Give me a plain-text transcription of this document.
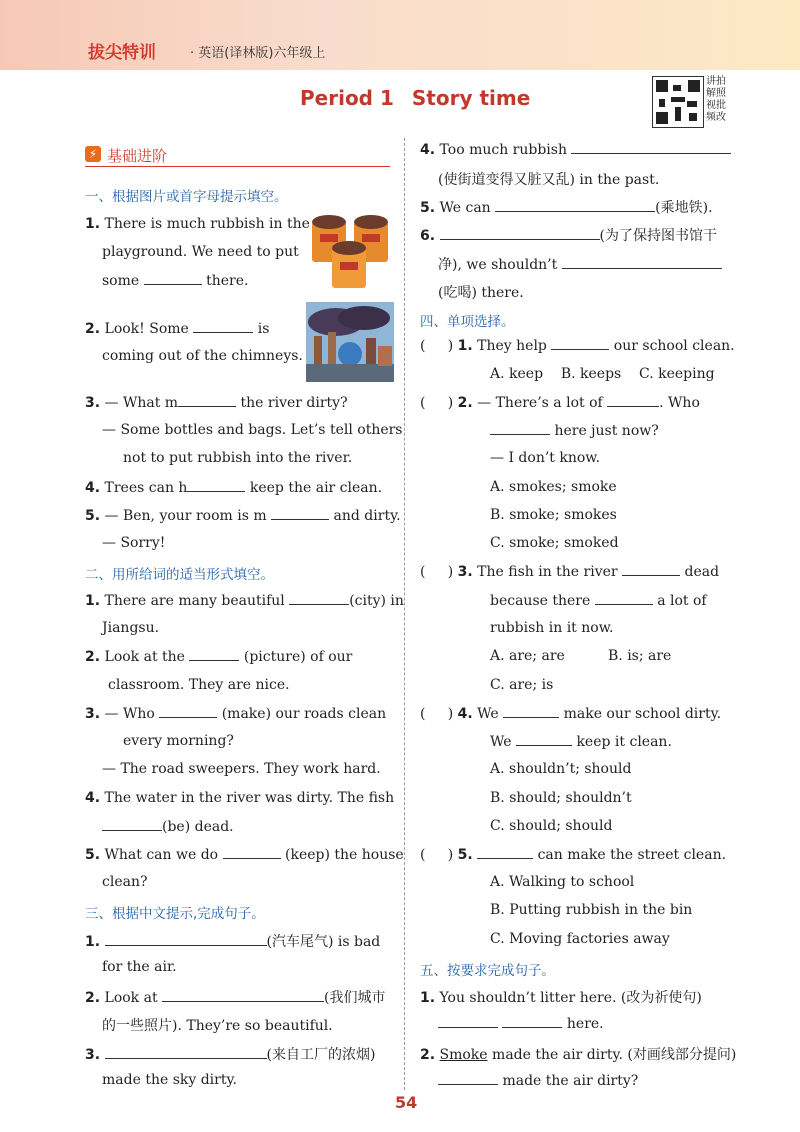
拔尖特训	· 英语(译林版)六年级上
Period 1 Story time
讲拍解照视批频改
⚡ 基础进阶
一、根据图片或首字母提示填空。
1. There is much rubbish in the
playground. We need to put
some	there.
2. Look! Some	is
coming out of the chimneys.
3. — What m	the river dirty?
— Some bottles and bags. Let’s tell others
not to put rubbish into the river.
4. Trees can h	keep the air clean.
5. — Ben, your room is m	and dirty.
— Sorry!
二、用所给词的适当形式填空。
1. There are many beautiful	(city) in
Jiangsu.
2. Look at the	(picture) of our
classroom. They are nice.
3. — Who	(make) our roads clean
every morning?
— The road sweepers. They work hard.
4. The water in the river was dirty. The fish
(be) dead.
5. What can we do	(keep) the house
clean?
三、根据中文提示,完成句子。
1.	(汽车尾气) is bad
for the air.
2. Look at	(我们城市
的一些照片). They’re so beautiful.
3.	(来自工厂的浓烟)
made the sky dirty.
4. Too much rubbish
(使街道变得又脏又乱) in the past.
5. We can	(乘地铁).
6.	(为了保持图书馆干
净), we shouldn’t
(吃喝) there.
四、单项选择。
(     ) 1. They help	our school clean.
A. keep    B. keeps    C. keeping
(     ) 2. — There’s a lot of	. Who
here just now?
— I don’t know.
A. smokes; smoke
B. smoke; smokes
C. smoke; smoked
(     ) 3. The fish in the river	dead
because there	a lot of
rubbish in it now.
A. are; are	B. is; are
C. are; is
(     ) 4. We	make our school dirty.
We	keep it clean.
A. shouldn’t; should
B. should; shouldn’t
C. should; should
(     ) 5.	can make the street clean.
A. Walking to school
B. Putting rubbish in the bin
C. Moving factories away
五、按要求完成句子。
1. You shouldn’t litter here. (改为祈使句)
here.
2. Smoke made the air dirty. (对画线部分提问)
made the air dirty?
54
